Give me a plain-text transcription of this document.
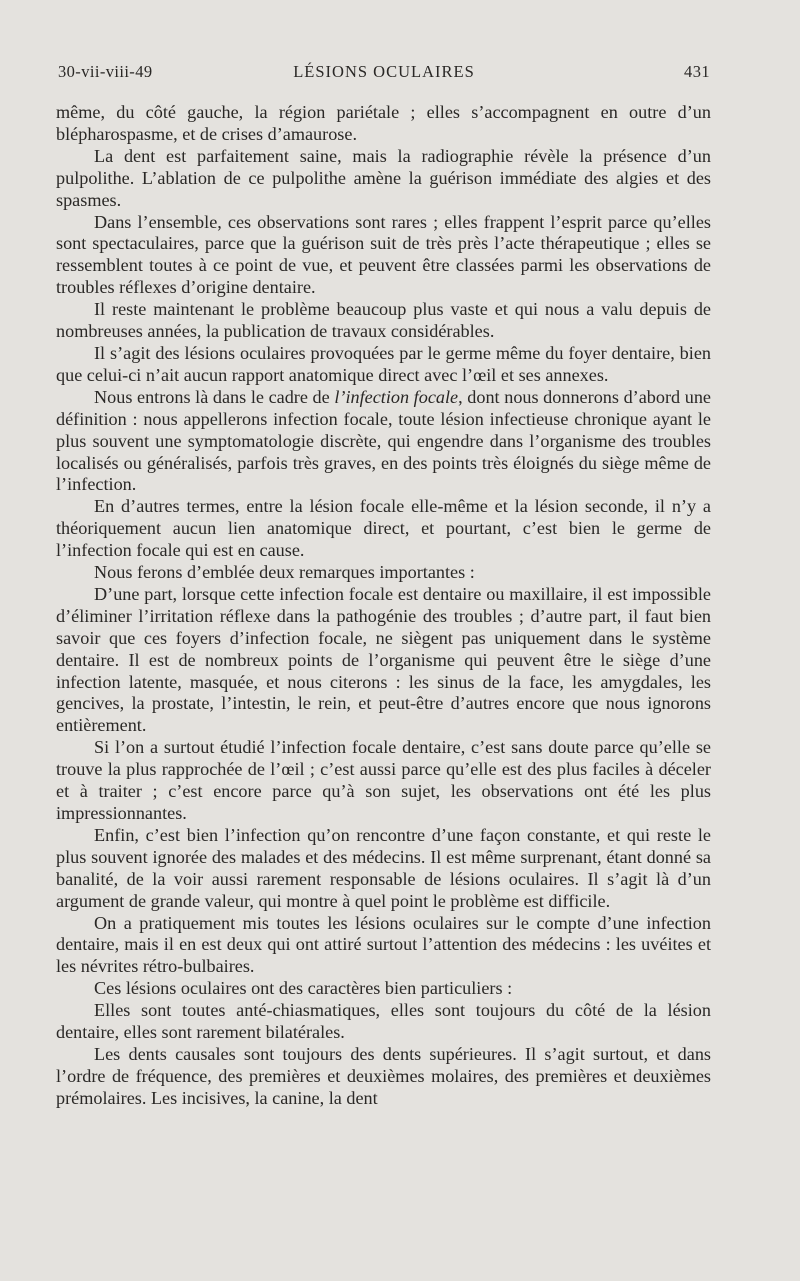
LÉSIONS OCULAIRES
30-vii-viii-49	431

même, du côté gauche, la région pariétale ; elles s’accompagnent en outre d’un blépharospasme, et de crises d’amaurose.

La dent est parfaitement saine, mais la radiographie révèle la présence d’un pulpolithe. L’ablation de ce pulpolithe amène la guérison immédiate des algies et des spasmes.

Dans l’ensemble, ces observations sont rares ; elles frappent l’esprit parce qu’elles sont spectaculaires, parce que la guérison suit de très près l’acte thérapeutique ; elles se ressemblent toutes à ce point de vue, et peuvent être classées parmi les observations de troubles réflexes d’origine dentaire.

Il reste maintenant le problème beaucoup plus vaste et qui nous a valu depuis de nombreuses années, la publication de travaux considérables.

Il s’agit des lésions oculaires provoquées par le germe même du foyer dentaire, bien que celui-ci n’ait aucun rapport anatomique direct avec l’œil et ses annexes.

Nous entrons là dans le cadre de l’infection focale, dont nous donnerons d’abord une définition : nous appellerons infection focale, toute lésion infectieuse chronique ayant le plus souvent une symptomatologie discrète, qui engendre dans l’organisme des troubles localisés ou généralisés, parfois très graves, en des points très éloignés du siège même de l’infection.

En d’autres termes, entre la lésion focale elle-même et la lésion seconde, il n’y a théoriquement aucun lien anatomique direct, et pourtant, c’est bien le germe de l’infection focale qui est en cause.

Nous ferons d’emblée deux remarques importantes :

D’une part, lorsque cette infection focale est dentaire ou maxillaire, il est impossible d’éliminer l’irritation réflexe dans la pathogénie des troubles ; d’autre part, il faut bien savoir que ces foyers d’infection focale, ne siègent pas uniquement dans le système dentaire. Il est de nombreux points de l’organisme qui peuvent être le siège d’une infection latente, masquée, et nous citerons : les sinus de la face, les amygdales, les gencives, la prostate, l’intestin, le rein, et peut-être d’autres encore que nous ignorons entièrement.

Si l’on a surtout étudié l’infection focale dentaire, c’est sans doute parce qu’elle se trouve la plus rapprochée de l’œil ; c’est aussi parce qu’elle est des plus faciles à déceler et à traiter ; c’est encore parce qu’à son sujet, les observations ont été les plus impressionnantes.

Enfin, c’est bien l’infection qu’on rencontre d’une façon constante, et qui reste le plus souvent ignorée des malades et des médecins. Il est même surprenant, étant donné sa banalité, de la voir aussi rarement responsable de lésions oculaires. Il s’agit là d’un argument de grande valeur, qui montre à quel point le problème est difficile.

On a pratiquement mis toutes les lésions oculaires sur le compte d’une infection dentaire, mais il en est deux qui ont attiré surtout l’attention des médecins : les uvéites et les névrites rétro-bulbaires.

Ces lésions oculaires ont des caractères bien particuliers :

Elles sont toutes anté-chiasmatiques, elles sont toujours du côté de la lésion dentaire, elles sont rarement bilatérales.

Les dents causales sont toujours des dents supérieures. Il s’agit surtout, et dans l’ordre de fréquence, des premières et deuxièmes molaires, des premières et deuxièmes prémolaires. Les incisives, la canine, la dent
